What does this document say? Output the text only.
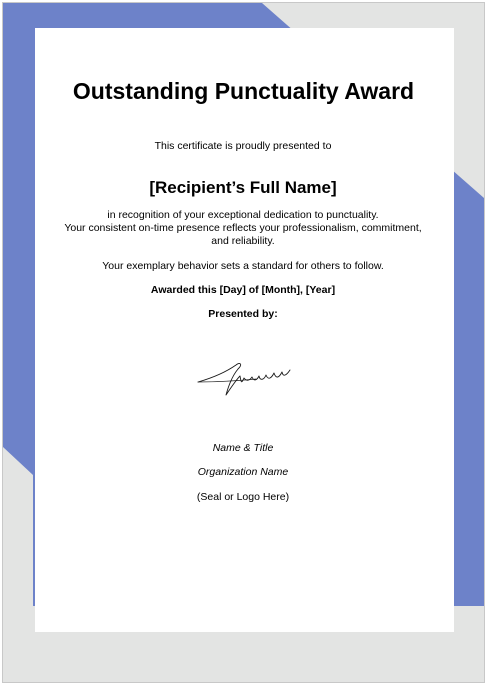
Outstanding Punctuality Award
This certificate is proudly presented to
[Recipient’s Full Name]
in recognition of your exceptional dedication to punctuality.
Your consistent on-time presence reflects your professionalism, commitment,
and reliability.
Your exemplary behavior sets a standard for others to follow.
Awarded this [Day] of [Month], [Year]
Presented by:
Name & Title
Organization Name
(Seal or Logo Here)
